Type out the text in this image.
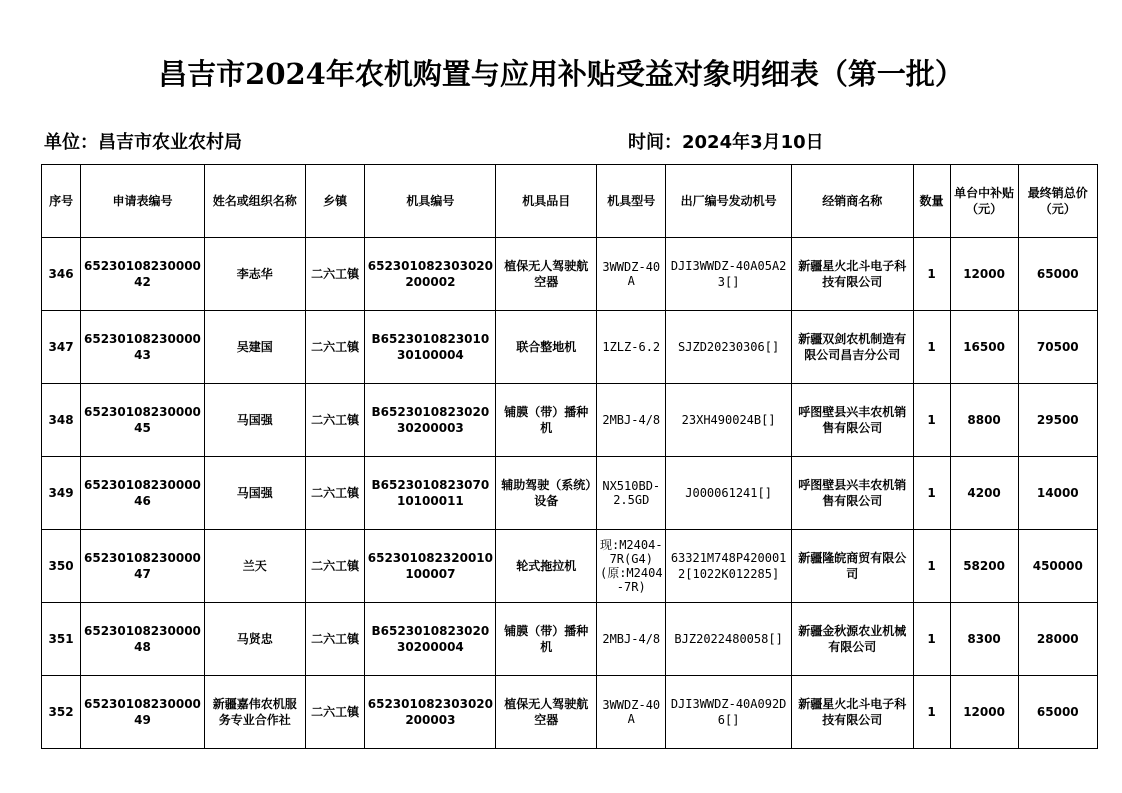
昌吉市2024年农机购置与应用补贴受益对象明细表（第一批）
单位：昌吉市农业农村局	时间：2024年3月10日
序号	申请表编号	姓名或组织名称	乡镇	机具编号	机具品目	机具型号	出厂编号发动机号	经销商名称	数量	单台中补贴（元）	最终销总价（元）
346	6523010823000042	李志华	二六工镇	652301082303020200002	植保无人驾驶航空器	3WWDZ-40A	DJI3WWDZ-40A05A23[]	新疆星火北斗电子科技有限公司	1	12000	65000
347	6523010823000043	吴建国	二六工镇	B652301082301030100004	联合整地机	1ZLZ-6.2	SJZD20230306[]	新疆双剑农机制造有限公司昌吉分公司	1	16500	70500
348	6523010823000045	马国强	二六工镇	B652301082302030200003	铺膜（带）播种机	2MBJ-4/8	23XH490024B[]	呼图壁县兴丰农机销售有限公司	1	8800	29500
349	6523010823000046	马国强	二六工镇	B652301082307010100011	辅助驾驶（系统）设备	NX510BD-2.5GD	J000061241[]	呼图壁县兴丰农机销售有限公司	1	4200	14000
350	6523010823000047	兰天	二六工镇	652301082320010100007	轮式拖拉机	现:M2404-7R(G4)(原:M2404-7R)	63321M748P4200012[1022K012285]	新疆隆皖商贸有限公司	1	58200	450000
351	6523010823000048	马贤忠	二六工镇	B652301082302030200004	铺膜（带）播种机	2MBJ-4/8	BJZ2022480058[]	新疆金秋源农业机械有限公司	1	8300	28000
352	6523010823000049	新疆嘉伟农机服务专业合作社	二六工镇	652301082303020200003	植保无人驾驶航空器	3WWDZ-40A	DJI3WWDZ-40A092D6[]	新疆星火北斗电子科技有限公司	1	12000	65000
